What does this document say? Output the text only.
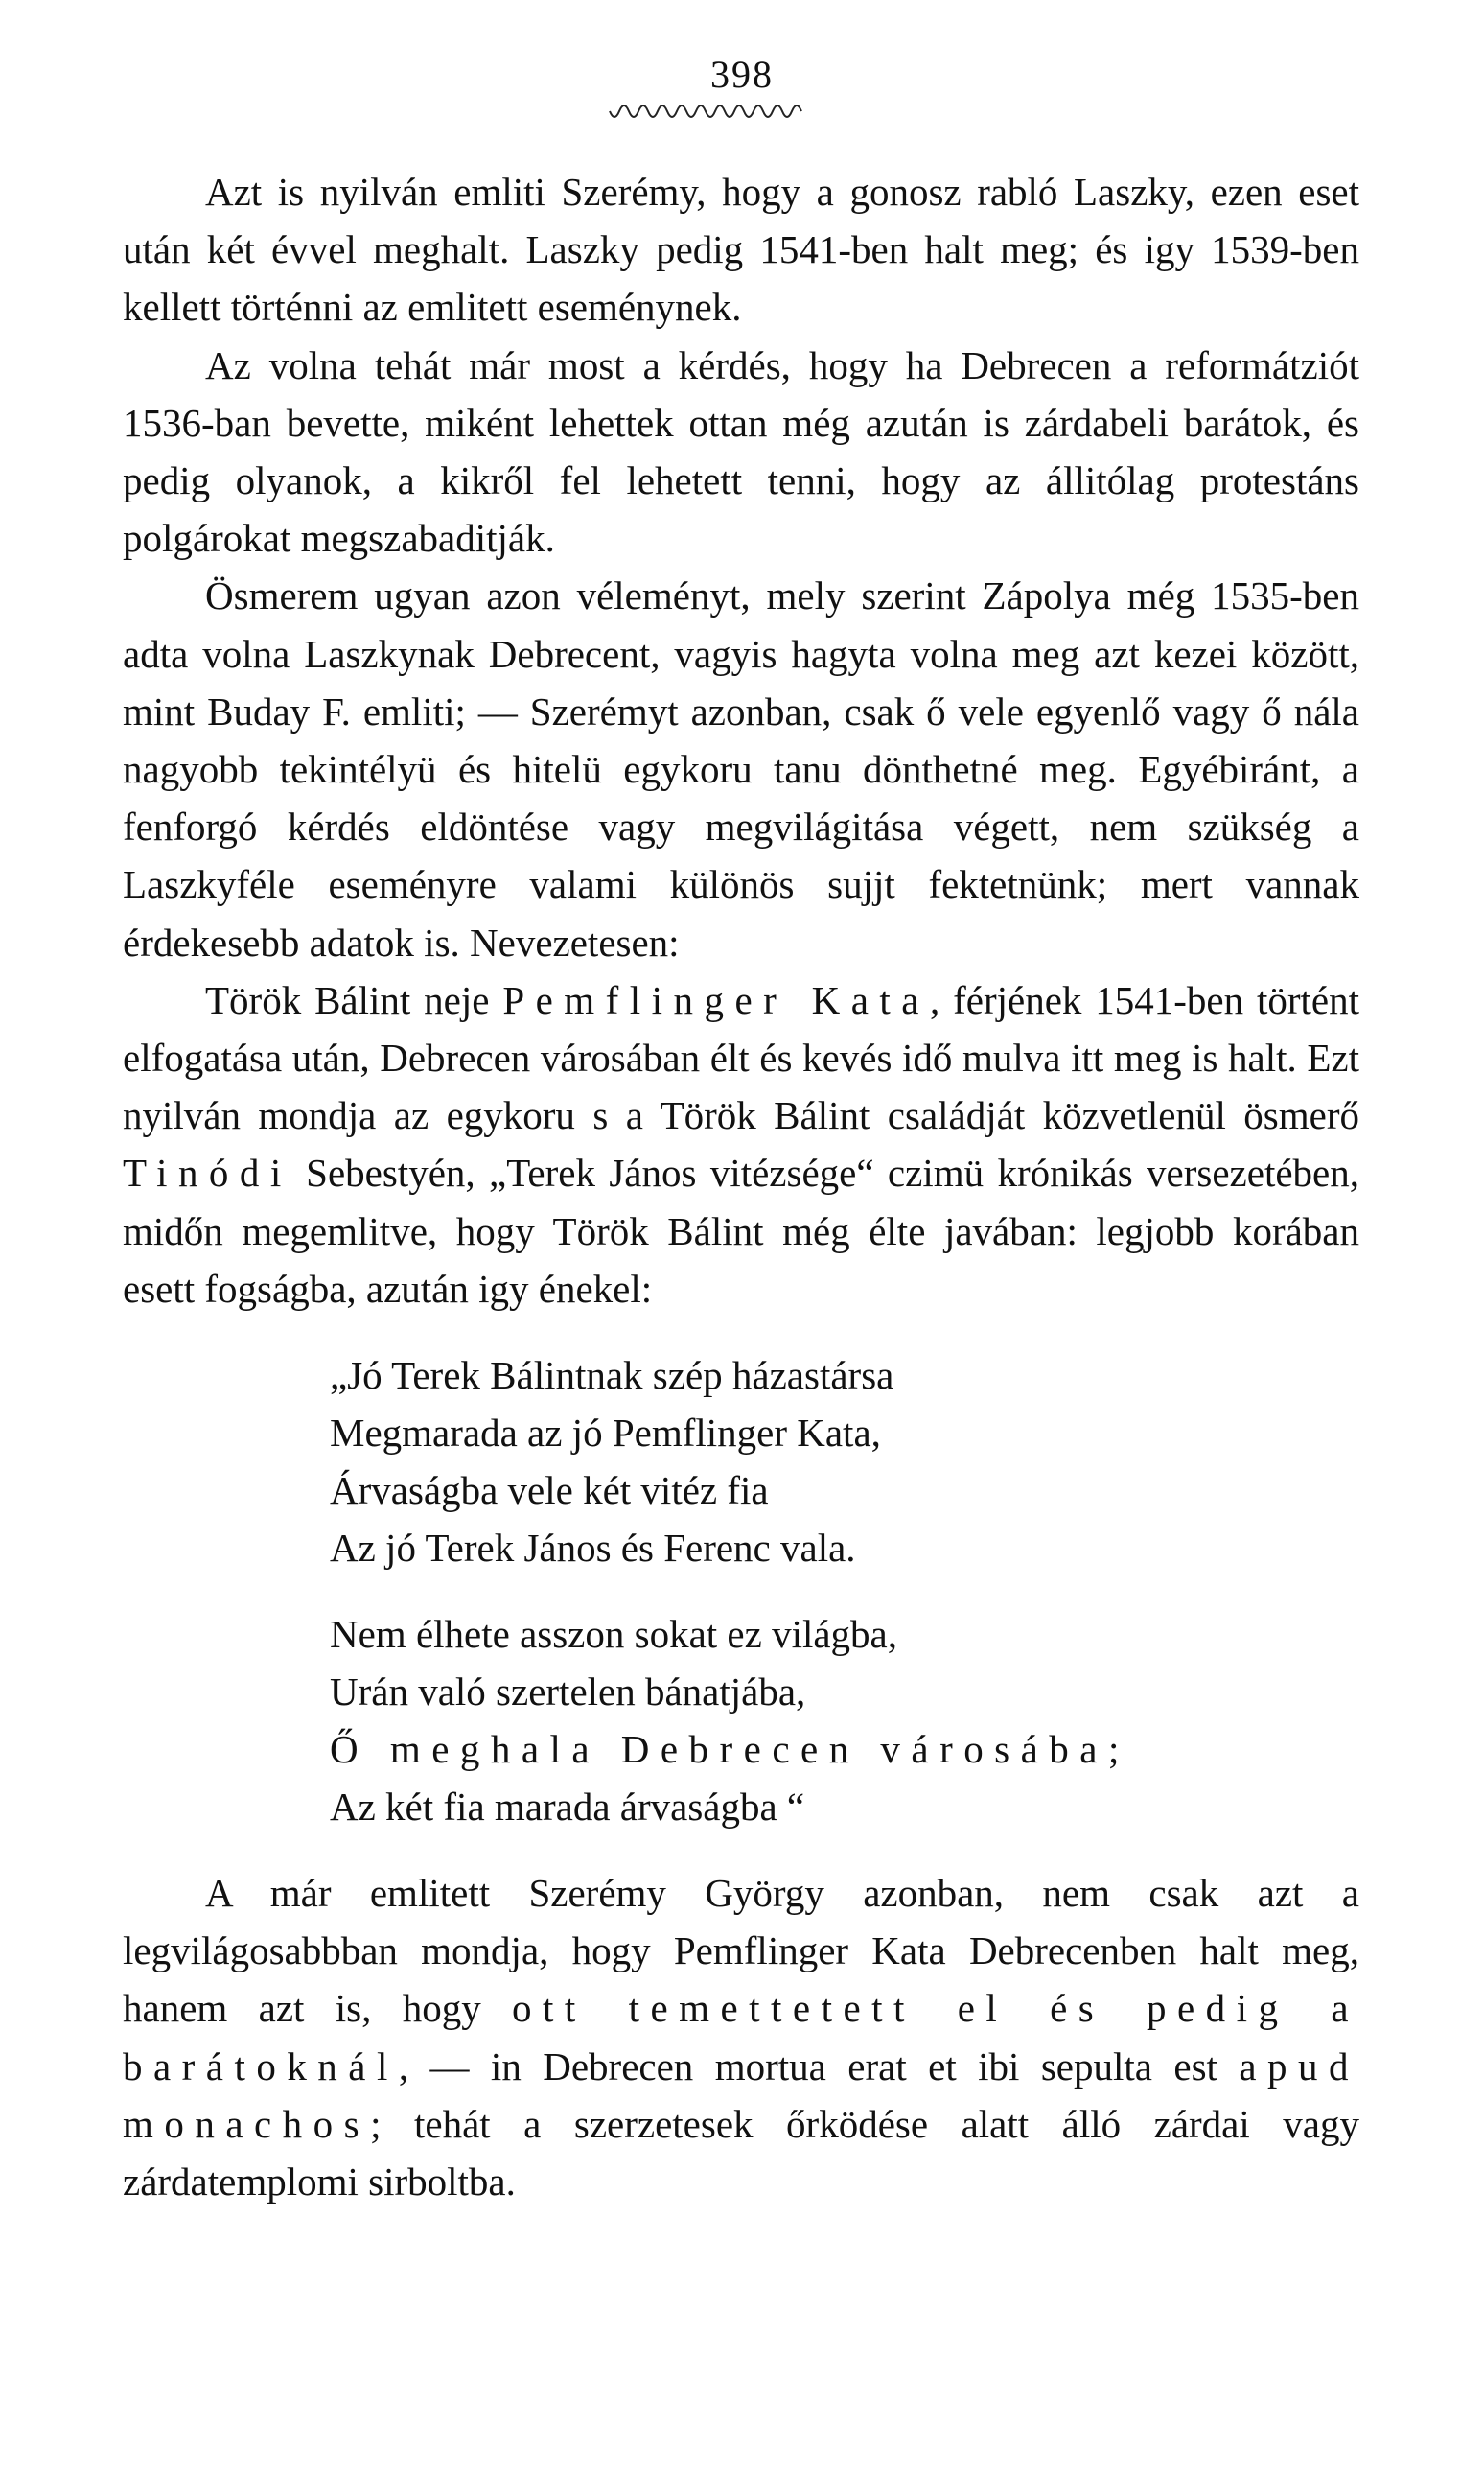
398

Azt is nyilván emliti Szerémy, hogy a gonosz rabló Laszky, ezen eset után két évvel meghalt. Laszky pedig 1541-ben halt meg; és igy 1539-ben kellett történni az emlitett eseménynek.

Az volna tehát már most a kérdés, hogy ha Debrecen a reformátziót 1536-ban bevette, miként lehettek ottan még azután is zárdabeli barátok, és pedig olyanok, a kikről fel lehetett tenni, hogy az állitólag protestáns polgárokat megszabaditják.

Ösmerem ugyan azon véleményt, mely szerint Zápolya még 1535-ben adta volna Laszkynak Debrecent, vagyis hagyta volna meg azt kezei között, mint Buday F. emliti; — Szerémyt azonban, csak ő vele egyenlő vagy ő nála nagyobb tekintélyü és hitelü egykoru tanu dönthetné meg. Egyébiránt, a fenforgó kérdés eldöntése vagy megvilágitása végett, nem szükség a Laszkyféle eseményre valami különös sujjt fektetnünk; mert vannak érdekesebb adatok is. Nevezetesen:

Török Bálint neje Pemflinger Kata, férjének 1541-ben történt elfogatása után, Debrecen városában élt és kevés idő mulva itt meg is halt. Ezt nyilván mondja az egykoru s a Török Bálint családját közvetlenül ösmerő Tinódi Sebestyén, „Terek János vitézsége“ czimü krónikás versezetében, midőn megemlitve, hogy Török Bálint még élte javában: legjobb korában esett fogságba, azután igy énekel:

„Jó Terek Bálintnak szép házastársa
Megmarada az jó Pemflinger Kata,
Árvaságba vele két vitéz fia
Az jó Terek János és Ferenc vala.
Nem élhete asszon sokat ez világba,
Urán való szertelen bánatjába,
Ő meghala Debrecen városába;
Az két fia marada árvaságba “

A már emlitett Szerémy György azonban, nem csak azt a legvilágosabbban mondja, hogy Pemflinger Kata Debrecenben halt meg, hanem azt is, hogy ott temettetett el és pedig a barátoknál, — in Debrecen mortua erat et ibi sepulta est apud monachos; tehát a szerzetesek őrködése alatt álló zárdai vagy zárdatemplomi sirboltba.
